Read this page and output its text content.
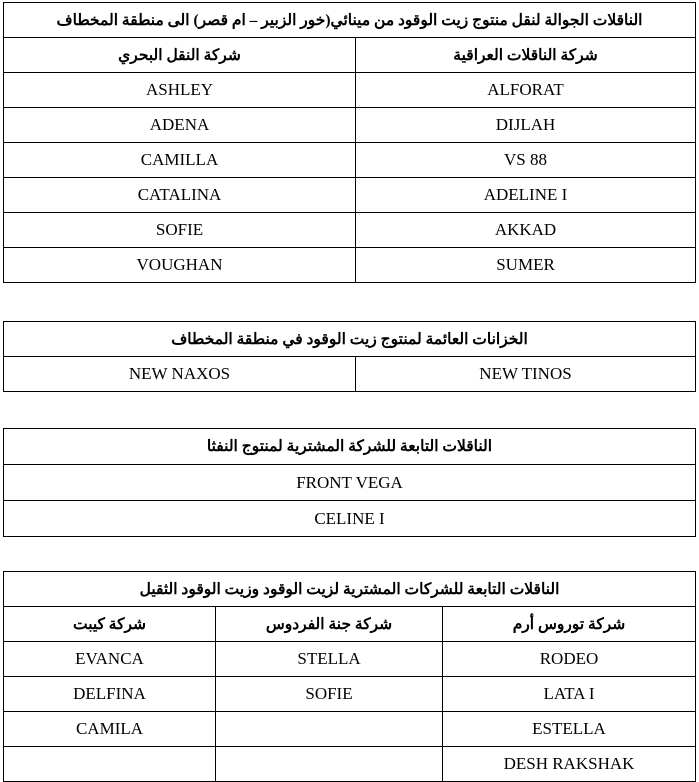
الناقلات الجوالة لنقل منتوج زيت الوقود من مينائي(خور الزبير – ام قصر) الى منطقة المخطاف	
شركة الناقلات العراقية	شركة النقل البحري
ALFORAT	ASHLEY
DIJLAH	ADENA
VS 88	CAMILLA
ADELINE I	CATALINA
AKKAD	SOFIE
SUMER	VOUGHAN
الخزانات العائمة لمنتوج زيت الوقود في منطقة المخطاف
NEW TINOS	NEW NAXOS
الناقلات التابعة للشركة المشترية لمنتوج النفثا
FRONT VEGA
CELINE I
الناقلات التابعة للشركات المشترية لزيت الوقود وزيت الوقود الثقيل		
شركة توروس أرم	شركة جنة الفردوس	شركة كيبت
RODEO	STELLA	EVANCA
LATA I	SOFIE	DELFINA
ESTELLA		CAMILA
DESH RAKSHAK		
